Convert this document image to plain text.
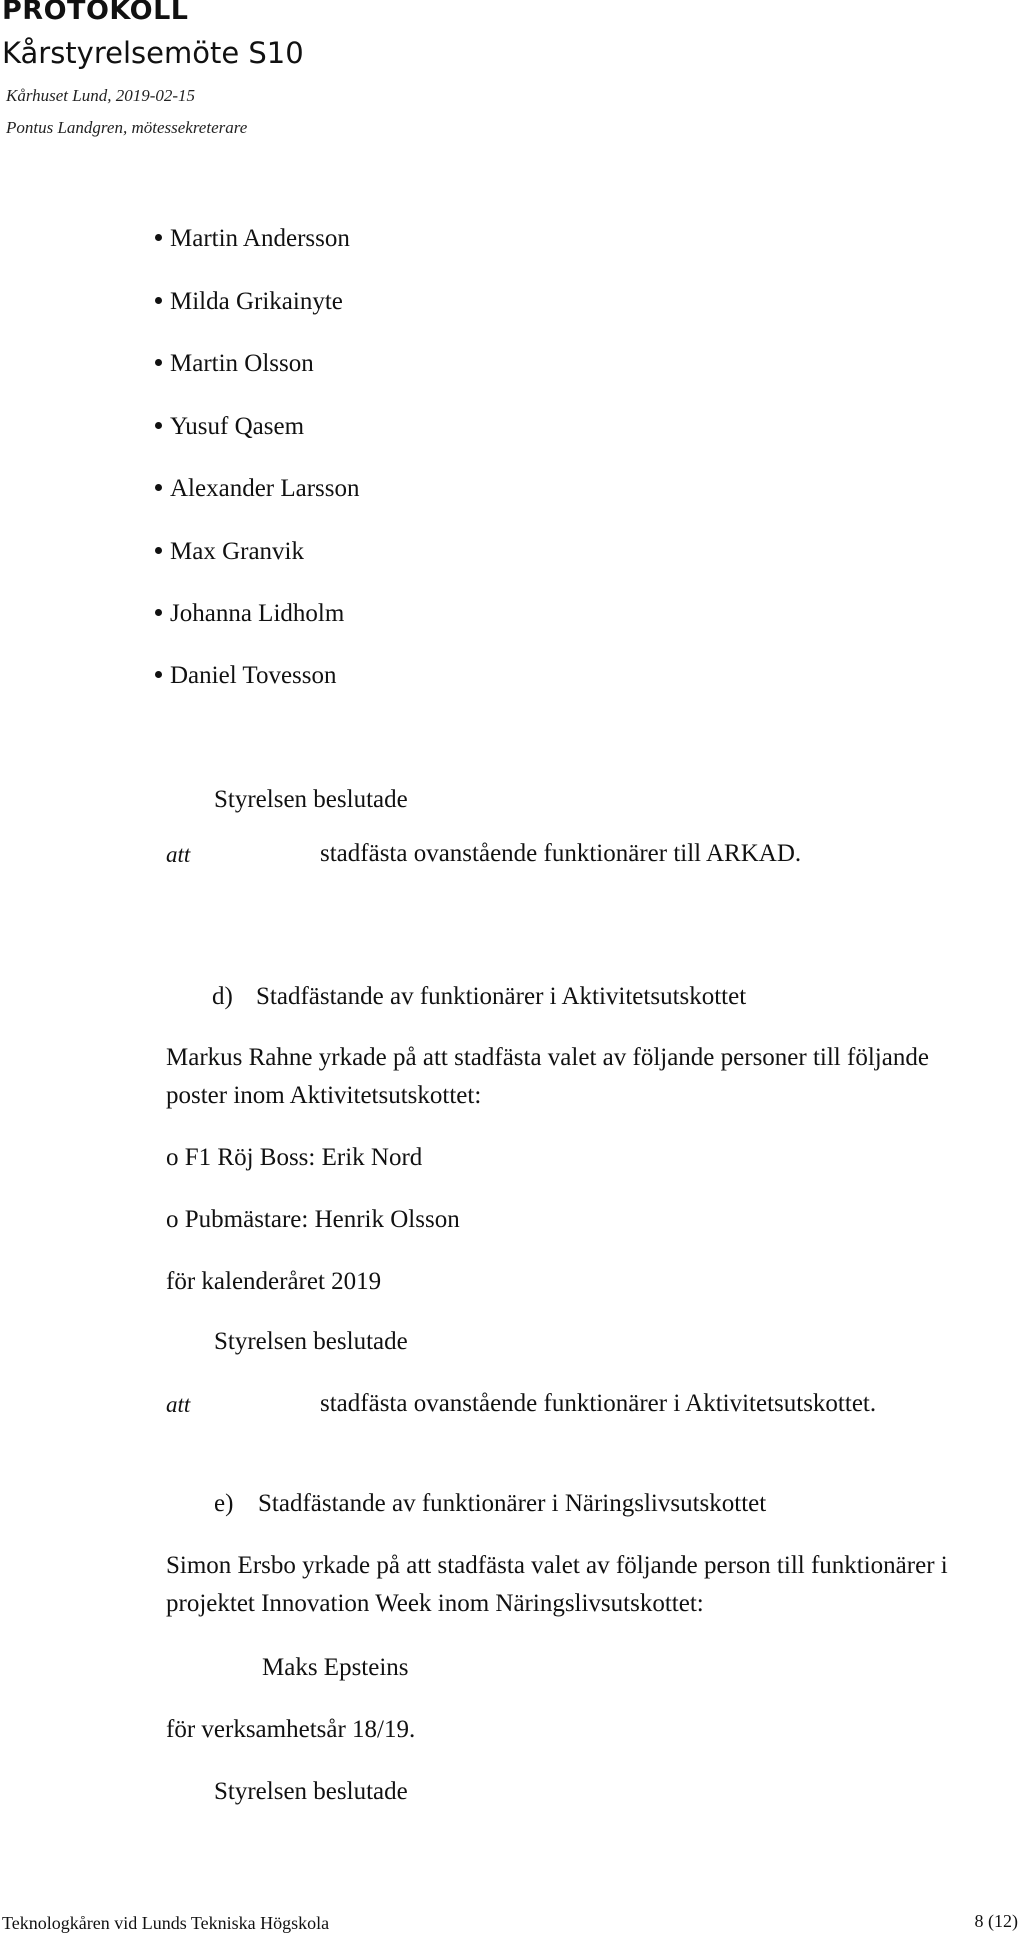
PROTOKOLL
Kårstyrelsemöte S10
Kårhuset Lund, 2019-02-15
Pontus Landgren, mötessekreterare
Martin Andersson
Milda Grikainyte
Martin Olsson
Yusuf Qasem
Alexander Larsson
Max Granvik
Johanna Lidholm
Daniel Tovesson
Styrelsen beslutade
att	stadfästa ovanstående funktionärer till ARKAD.
d) Stadfästande av funktionärer i Aktivitetsutskottet
Markus Rahne yrkade på att stadfästa valet av följande personer till följande
poster inom Aktivitetsutskottet:
o F1 Röj Boss: Erik Nord
o Pubmästare: Henrik Olsson
för kalenderåret 2019
Styrelsen beslutade
att	stadfästa ovanstående funktionärer i Aktivitetsutskottet.
e) Stadfästande av funktionärer i Näringslivsutskottet
Simon Ersbo yrkade på att stadfästa valet av följande person till funktionärer i
projektet Innovation Week inom Näringslivsutskottet:
Maks Epsteins
för verksamhetsår 18/19.
Styrelsen beslutade
Teknologkåren vid Lunds Tekniska Högskola	8 (12)
